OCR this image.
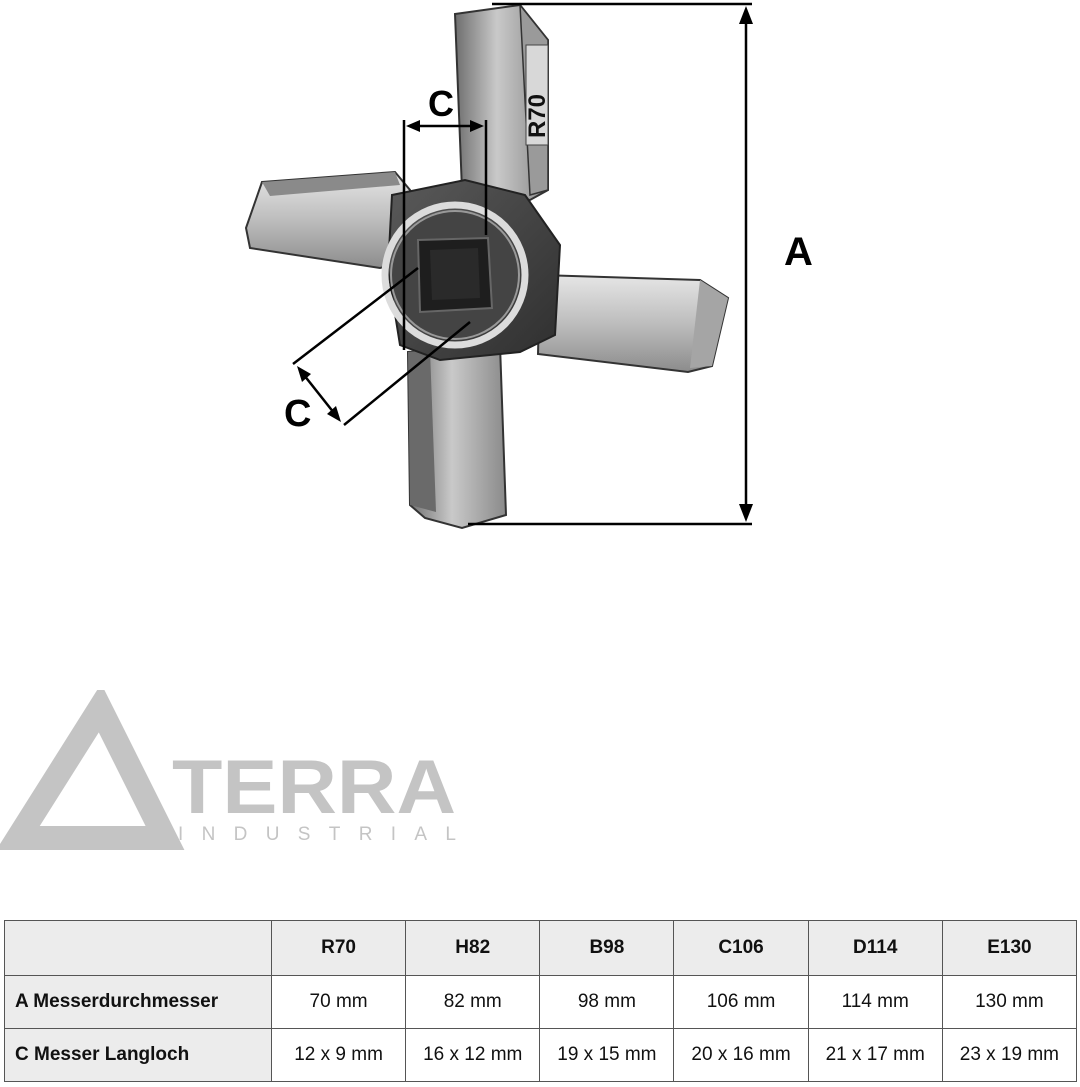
R70
A
C
C
TERRA
INDUSTRIAL
	R70	H82	B98	C106	D114	E130
A Messerdurchmesser	70 mm	82 mm	98 mm	106 mm	114 mm	130 mm
C Messer Langloch	12 x 9 mm	16 x 12 mm	19 x 15 mm	20 x 16 mm	21 x 17 mm	23 x 19 mm
